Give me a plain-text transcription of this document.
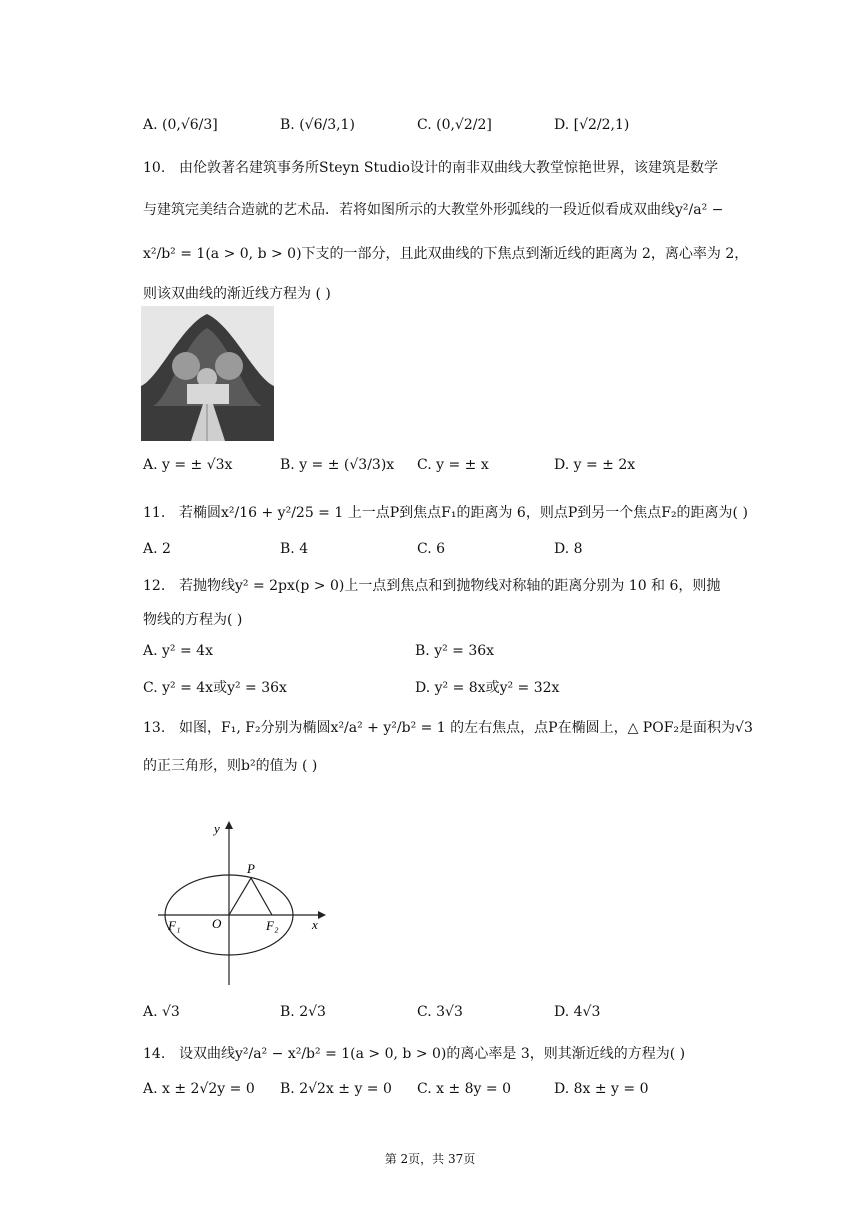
A. (0,√6/3]	B. (√6/3,1)	C. (0,√2/2]	D. [√2/2,1)
10. 由伦敦著名建筑事务所Steyn Studio设计的南非双曲线大教堂惊艳世界，该建筑是数学
与建筑完美结合造就的艺术品．若将如图所示的大教堂外形弧线的一段近似看成双曲线y²/a² −
x²/b² = 1(a > 0, b > 0)下支的一部分，且此双曲线的下焦点到渐近线的距离为 2，离心率为 2，
则该双曲线的渐近线方程为 ( )
A. y = ± √3x	B. y = ± (√3/3)x	C. y = ± x	D. y = ± 2x
11. 若椭圆x²/16 + y²/25 = 1 上一点P到焦点F₁的距离为 6，则点P到另一个焦点F₂的距离为( )
A. 2	B. 4	C. 6	D. 8
12. 若抛物线y² = 2px(p > 0)上一点到焦点和到抛物线对称轴的距离分别为 10 和 6，则抛
物线的方程为( )
A. y² = 4x	B. y² = 36x
C. y² = 4x或y² = 36x	D. y² = 8x或y² = 32x
13. 如图，F₁, F₂分别为椭圆x²/a² + y²/b² = 1 的左右焦点，点P在椭圆上，△ POF₂是面积为√3
的正三角形，则b²的值为 ( )
y
x
P
O
F₁	F₂
A. √3	B. 2√3	C. 3√3	D. 4√3
14. 设双曲线y²/a² − x²/b² = 1(a > 0, b > 0)的离心率是 3，则其渐近线的方程为( )
A. x ± 2√2y = 0	B. 2√2x ± y = 0	C. x ± 8y = 0	D. 8x ± y = 0
第 2页，共 37页
